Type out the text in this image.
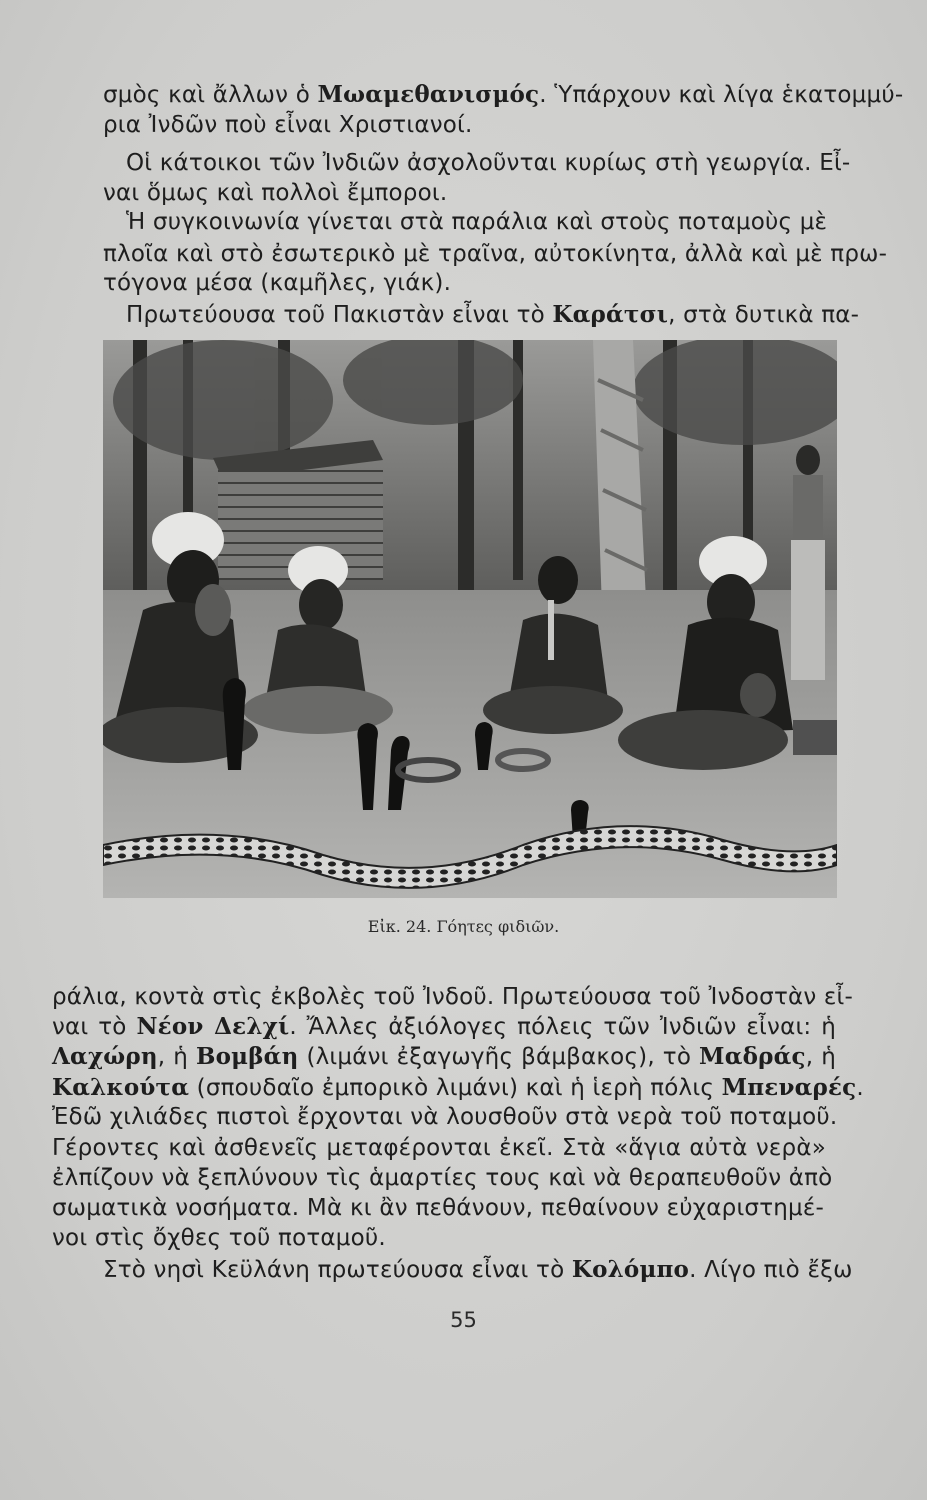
σμὸς καὶ ἄλλων ὁ Μωαμεθανισμός. Ὑπάρχουν καὶ λίγα ἑκατομμύ-
ρια Ἰνδῶν ποὺ εἶναι Χριστιανοί.
Οἱ κάτοικοι τῶν Ἰνδιῶν ἀσχολοῦνται κυρίως στὴ γεωργία. Εἶ-
ναι ὅμως καὶ πολλοὶ ἔμποροι.
Ἡ συγκοινωνία γίνεται στὰ παράλια καὶ στοὺς ποταμοὺς μὲ
πλοῖα καὶ στὸ ἐσωτερικὸ μὲ τραῖνα, αὐτοκίνητα, ἀλλὰ καὶ μὲ πρω-
τόγονα μέσα (καμῆλες, γιάκ).
Πρωτεύουσα τοῦ Πακιστὰν εἶναι τὸ Καράτσι, στὰ δυτικὰ πα-
Εἰκ. 24. Γόητες φιδιῶν.
ράλια, κοντὰ στὶς ἐκβολὲς τοῦ Ἰνδοῦ. Πρωτεύουσα τοῦ Ἰνδοστὰν εἶ-
ναι τὸ Νέον Δελχί. Ἄλλες ἀξιόλογες πόλεις τῶν Ἰνδιῶν εἶναι: ἡ
Λαχώρη, ἡ Βομβάη (λιμάνι ἐξαγωγῆς βάμβακος), τὸ Μαδράς, ἡ
Καλκούτα (σπουδαῖο ἐμπορικὸ λιμάνι) καὶ ἡ ἱερὴ πόλις Μπεναρές.
Ἐδῶ χιλιάδες πιστοὶ ἔρχονται νὰ λουσθοῦν στὰ νερὰ τοῦ ποταμοῦ.
Γέροντες καὶ ἀσθενεῖς μεταφέρονται ἐκεῖ. Στὰ «ἅγια αὐτὰ νερὰ»
ἐλπίζουν νὰ ξεπλύνουν τὶς ἁμαρτίες τους καὶ νὰ θεραπευθοῦν ἀπὸ
σωματικὰ νοσήματα. Μὰ κι ἂν πεθάνουν, πεθαίνουν εὐχαριστημέ-
νοι στὶς ὄχθες τοῦ ποταμοῦ.
Στὸ νησὶ Κεϋλάνη πρωτεύουσα εἶναι τὸ Κολόμπο. Λίγο πιὸ ἔξω
55
